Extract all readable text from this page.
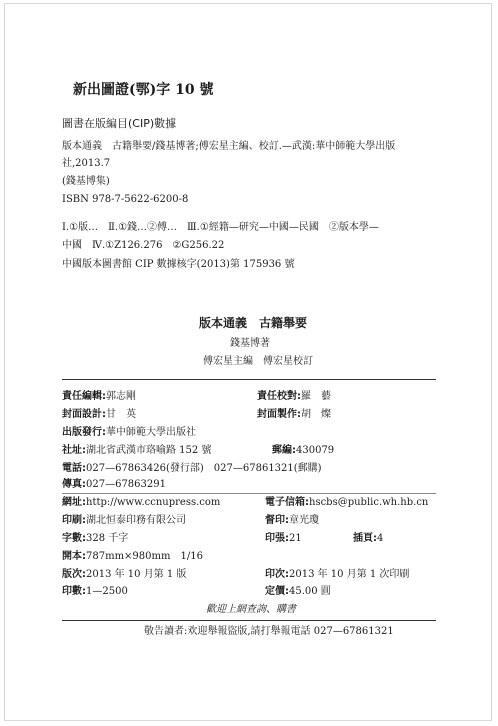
新出圖證(鄂)字 10 號
圖書在版編目(CIP)數據
版本通義　古籍舉要/錢基博著;傅宏星主編、校訂.—武漢:華中師範大學出版
社,2013.7
(錢基博集)
ISBN 978-7-5622-6200-8
Ⅰ.①版…　Ⅱ.①錢…②傅…　Ⅲ.①經籍—研究—中國—民國　②版本學—
中國　Ⅳ.①Z126.276　②G256.22
中國版本圖書館 CIP 數據核字(2013)第 175936 號
版本通義　古籍舉要
錢基博著
傅宏星主編　傅宏星校訂
責任編輯:郭志剛	責任校對:羅　藝
封面設計:甘　英	封面製作:胡　燦
出版發行:華中師範大學出版社
社址:湖北省武漢市珞喻路 152 號	郵編:430079
電話:027—67863426(發行部)　027—67861321(郵購)
傳真:027—67863291
網址:http://www.ccnupress.com	電子信箱:hscbs@public.wh.hb.cn
印刷:湖北恒泰印務有限公司	督印:章光瓊
字數:328 千字	印張:21	插頁:4
開本:787mm×980mm　1/16
版次:2013 年 10 月第 1 版	印次:2013 年 10 月第 1 次印刷
印數:1—2500	定價:45.00 圓
歡迎上網查詢、購書
敬告讀者:欢迎舉報盜版,請打舉報電話 027—67861321
